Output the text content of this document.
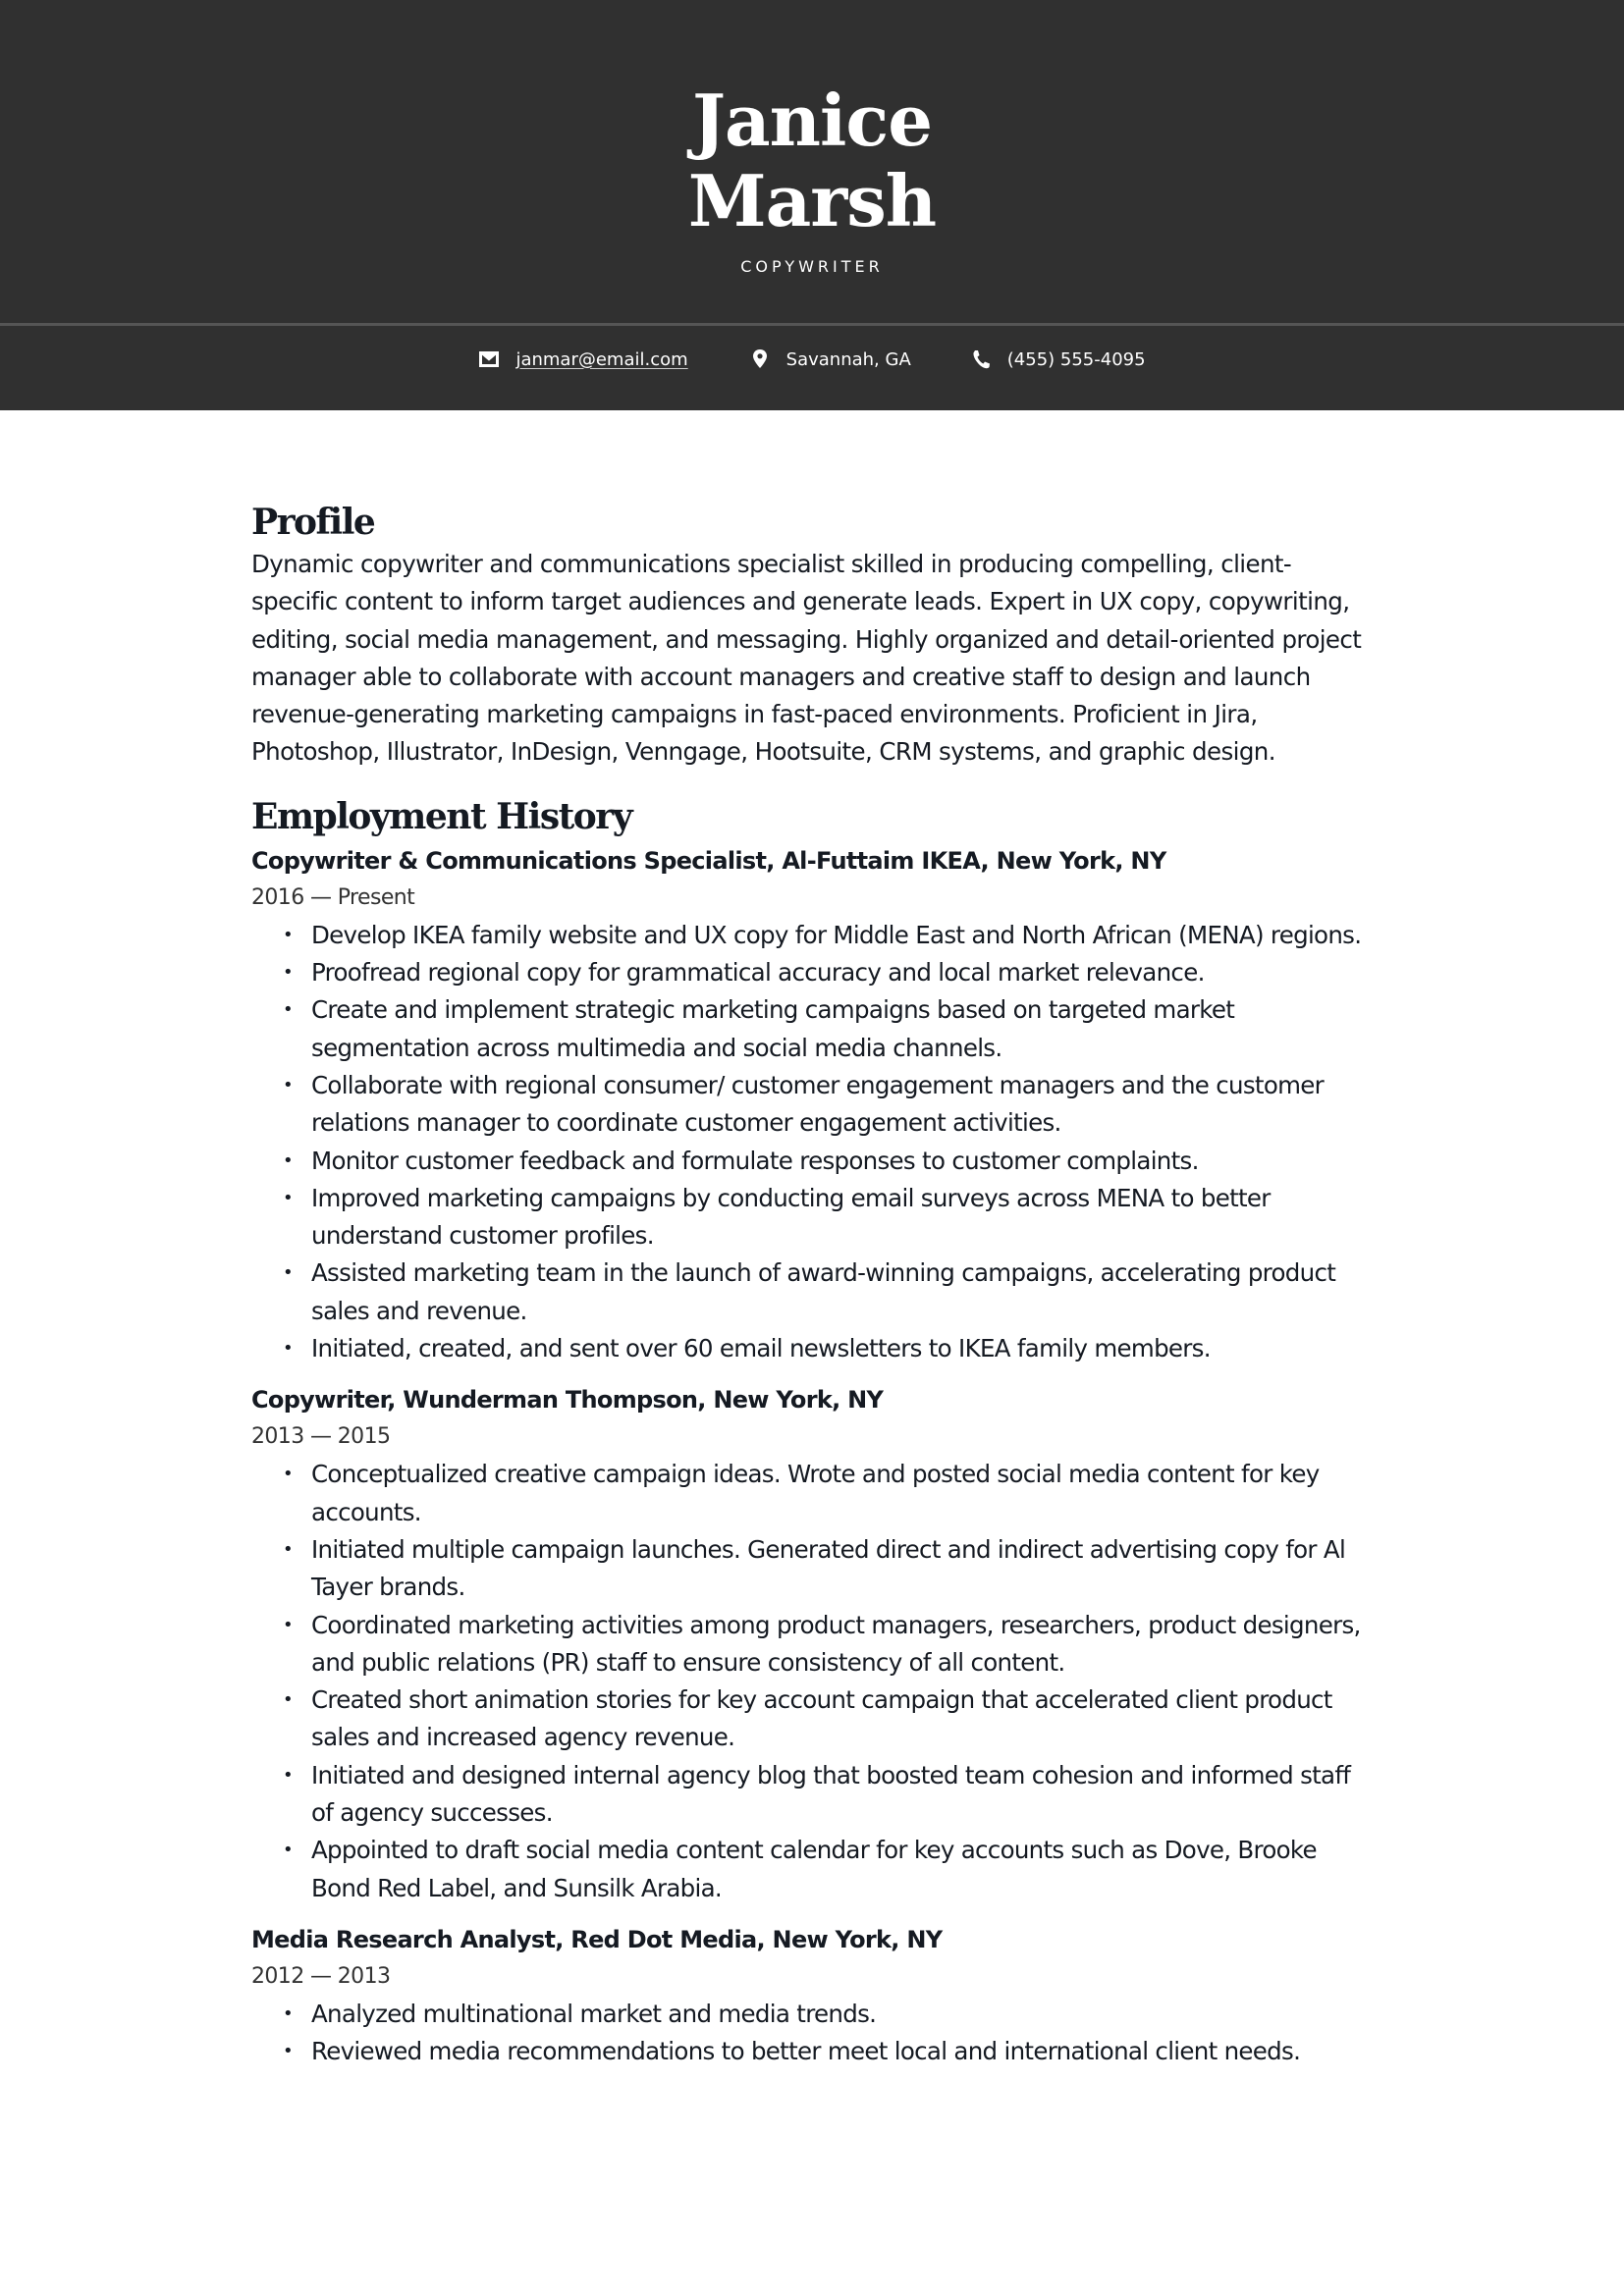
Janice
Marsh
COPYWRITER
janmar@email.com	Savannah, GA	(455) 555-4095
Profile

Dynamic copywriter and communications specialist skilled in producing compelling, client-specific content to inform target audiences and generate leads. Expert in UX copy, copywriting, editing, social media management, and messaging. Highly organized and detail-oriented project manager able to collaborate with account managers and creative staff to design and launch revenue-generating marketing campaigns in fast-paced environments. Proficient in Jira, Photoshop, Illustrator, InDesign, Venngage, Hootsuite, CRM systems, and graphic design.

Employment History
Copywriter & Communications Specialist, Al-Futtaim IKEA, New York, NY
2016 — Present
• Develop IKEA family website and UX copy for Middle East and North African (MENA) regions.
• Proofread regional copy for grammatical accuracy and local market relevance.
• Create and implement strategic marketing campaigns based on targeted market segmentation across multimedia and social media channels.
• Collaborate with regional consumer/ customer engagement managers and the customer relations manager to coordinate customer engagement activities.
• Monitor customer feedback and formulate responses to customer complaints.
• Improved marketing campaigns by conducting email surveys across MENA to better understand customer profiles.
• Assisted marketing team in the launch of award-winning campaigns, accelerating product sales and revenue.
• Initiated, created, and sent over 60 email newsletters to IKEA family members.
Copywriter, Wunderman Thompson, New York, NY
2013 — 2015
• Conceptualized creative campaign ideas. Wrote and posted social media content for key accounts.
• Initiated multiple campaign launches. Generated direct and indirect advertising copy for Al Tayer brands.
• Coordinated marketing activities among product managers, researchers, product designers, and public relations (PR) staff to ensure consistency of all content.
• Created short animation stories for key account campaign that accelerated client product sales and increased agency revenue.
• Initiated and designed internal agency blog that boosted team cohesion and informed staff of agency successes.
• Appointed to draft social media content calendar for key accounts such as Dove, Brooke Bond Red Label, and Sunsilk Arabia.
Media Research Analyst, Red Dot Media, New York, NY
2012 — 2013
• Analyzed multinational market and media trends.
• Reviewed media recommendations to better meet local and international client needs.
